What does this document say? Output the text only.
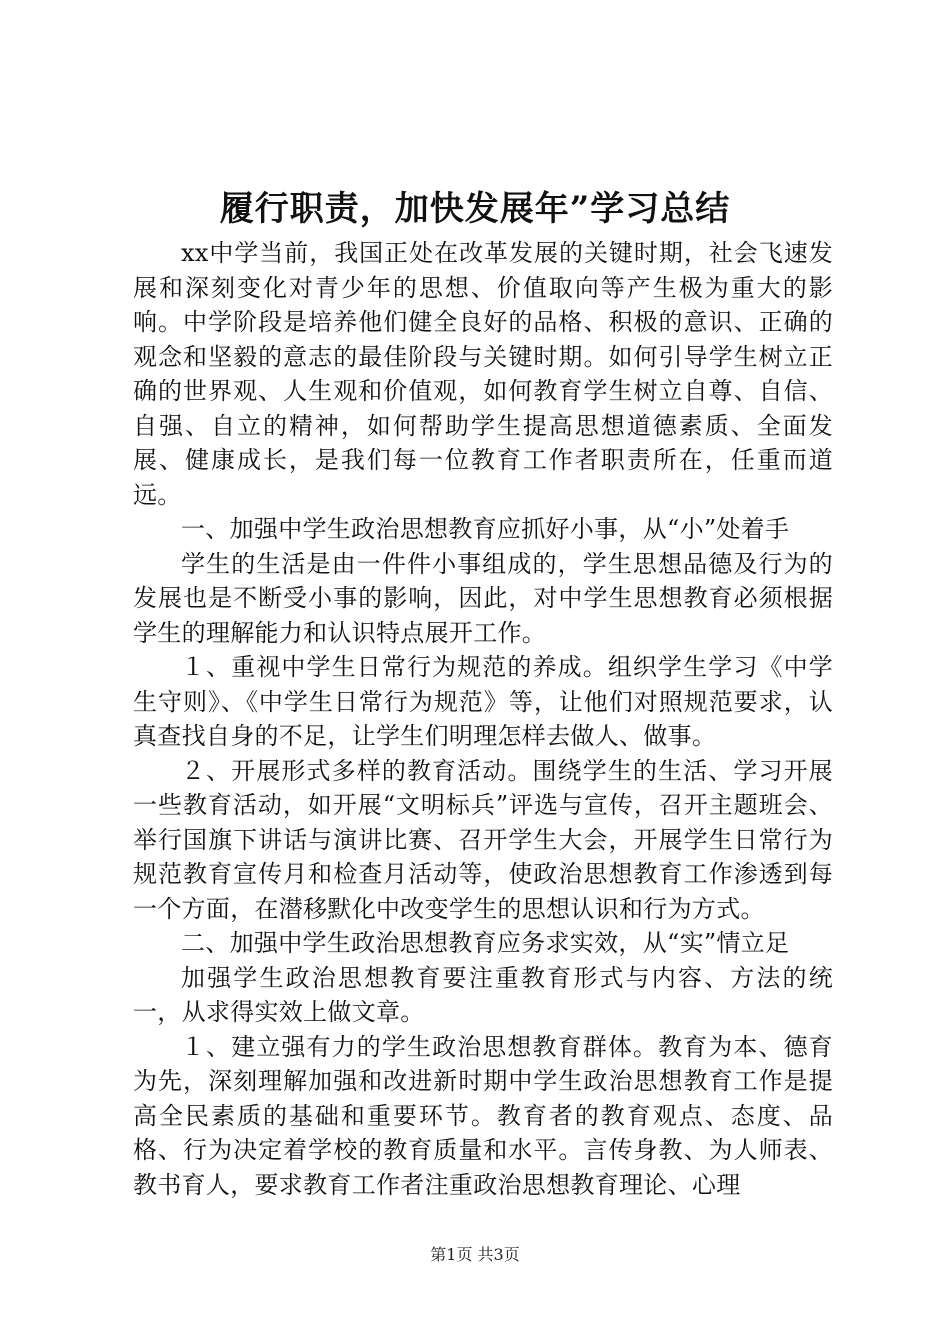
履行职责，加快发展年”学习总结

xx中学当前，我国正处在改革发展的关键时期，社会飞速发展和深刻变化对青少年的思想、价值取向等产生极为重大的影响。中学阶段是培养他们健全良好的品格、积极的意识、正确的观念和坚毅的意志的最佳阶段与关键时期。如何引导学生树立正确的世界观、人生观和价值观，如何教育学生树立自尊、自信、自强、自立的精神，如何帮助学生提高思想道德素质、全面发展、健康成长，是我们每一位教育工作者职责所在，任重而道远。

一、加强中学生政治思想教育应抓好小事，从“小”处着手

学生的生活是由一件件小事组成的，学生思想品德及行为的发展也是不断受小事的影响，因此，对中学生思想教育必须根据学生的理解能力和认识特点展开工作。

１、重视中学生日常行为规范的养成。组织学生学习《中学生守则》、《中学生日常行为规范》等，让他们对照规范要求，认真查找自身的不足，让学生们明理怎样去做人、做事。

２、开展形式多样的教育活动。围绕学生的生活、学习开展一些教育活动，如开展“文明标兵”评选与宣传，召开主题班会、举行国旗下讲话与演讲比赛、召开学生大会，开展学生日常行为规范教育宣传月和检查月活动等，使政治思想教育工作渗透到每一个方面，在潜移默化中改变学生的思想认识和行为方式。

二、加强中学生政治思想教育应务求实效，从“实”情立足

加强学生政治思想教育要注重教育形式与内容、方法的统一，从求得实效上做文章。

１、建立强有力的学生政治思想教育群体。教育为本、德育为先，深刻理解加强和改进新时期中学生政治思想教育工作是提高全民素质的基础和重要环节。教育者的教育观点、态度、品格、行为决定着学校的教育质量和水平。言传身教、为人师表、教书育人，要求教育工作者注重政治思想教育理论、心理

第1页 共3页
